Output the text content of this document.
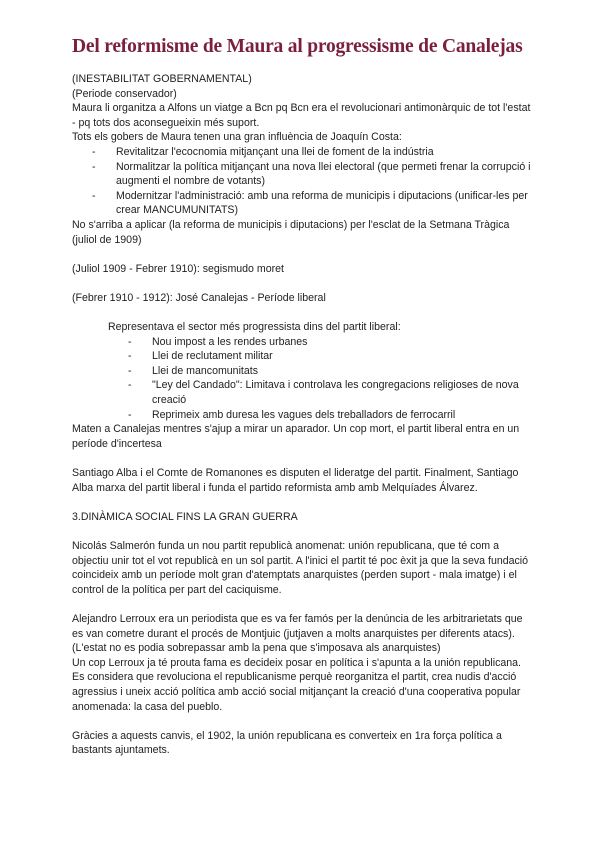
Del reformisme de Maura al progressisme de Canalejas

(INESTABILITAT GOBERNAMENTAL)

(Periode conservador)

Maura li organitza a Alfons un viatge a Bcn pq Bcn era el revolucionari antimonàrquic de tot l'estat - pq tots dos aconsegueixin més suport.

Tots els gobers de Maura tenen una gran influència de Joaquín Costa:

- Revitalitzar l'ecocnomia mitjançant una llei de foment de la indústria
- Normalitzar la política mitjançant una nova llei electoral (que permeti frenar la corrupció i augmenti el nombre de votants)
- Modernitzar l'administració: amb una reforma de municipis i diputacions (unificar-les per crear MANCUMUNITATS)

No s'arriba a aplicar (la reforma de municipis i diputacions) per l'esclat de la Setmana Tràgica (juliol de 1909)

(Juliol 1909 - Febrer 1910): segismudo moret

(Febrer 1910 - 1912): José Canalejas - Període liberal

Representava el sector més progressista dins del partit liberal:

- Nou impost a les rendes urbanes
- Llei de reclutament militar
- Llei de mancomunitats
- "Ley del Candado": Limitava i controlava les congregacions religioses de nova creació
- Reprimeix amb duresa les vagues dels treballadors de ferrocarril

Maten a Canalejas mentres s'ajup a mirar un aparador. Un cop mort, el partit liberal entra en un període d'incertesa

Santiago Alba i el Comte de Romanones es disputen el lideratge del partit. Finalment, Santiago Alba marxa del partit liberal i funda el partido reformista amb amb Melquíades Álvarez.

3.DINÀMICA SOCIAL FINS LA GRAN GUERRA

Nicolás Salmerón funda un nou partit republicà anomenat: unión republicana, que té com a objectiu unir tot el vot republicà en un sol partit. A l'inici el partit té poc èxit ja que la seva fundació coincideix amb un període molt gran d'atemptats anarquistes (perden suport - mala imatge) i el control de la política per part del caciquisme.

Alejandro Lerroux era un periodista que es va fer famós per la denúncia de les arbitrarietats que es van cometre durant el procés de Montjuic (jutjaven a molts anarquistes per diferents atacs). (L'estat no es podia sobrepassar amb la pena que s'imposava als anarquistes)

Un cop Lerroux ja té prouta fama es decideix posar en política i s'apunta a la unión republicana. Es considera que revoluciona el republicanisme perquè reorganitza el partit, crea nudis d'acció agressius i uneix acció política amb acció social mitjançant la creació d'una cooperativa popular anomenada: la casa del pueblo.

Gràcies a aquests canvis, el 1902, la unión republicana es converteix en 1ra força política a bastants ajuntamets.
